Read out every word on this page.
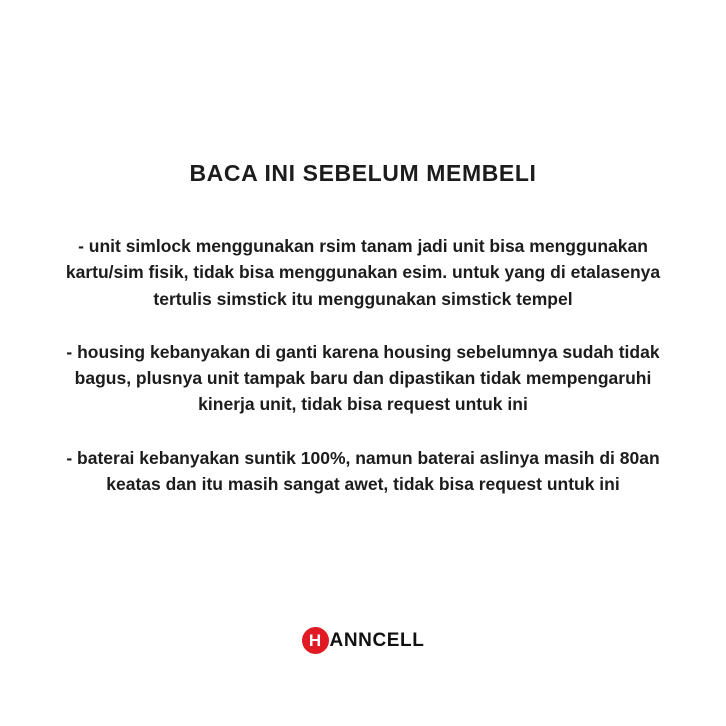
BACA INI SEBELUM MEMBELI

- unit simlock menggunakan rsim tanam jadi unit bisa menggunakan kartu/sim fisik, tidak bisa menggunakan esim. untuk yang di etalasenya tertulis simstick itu menggunakan simstick tempel

- housing kebanyakan di ganti karena housing sebelumnya sudah tidak bagus, plusnya unit tampak baru dan dipastikan tidak mempengaruhi kinerja unit, tidak bisa request untuk ini

- baterai kebanyakan suntik 100%, namun baterai aslinya masih di 80an keatas dan itu masih sangat awet, tidak bisa request untuk ini

H ANNCELL
